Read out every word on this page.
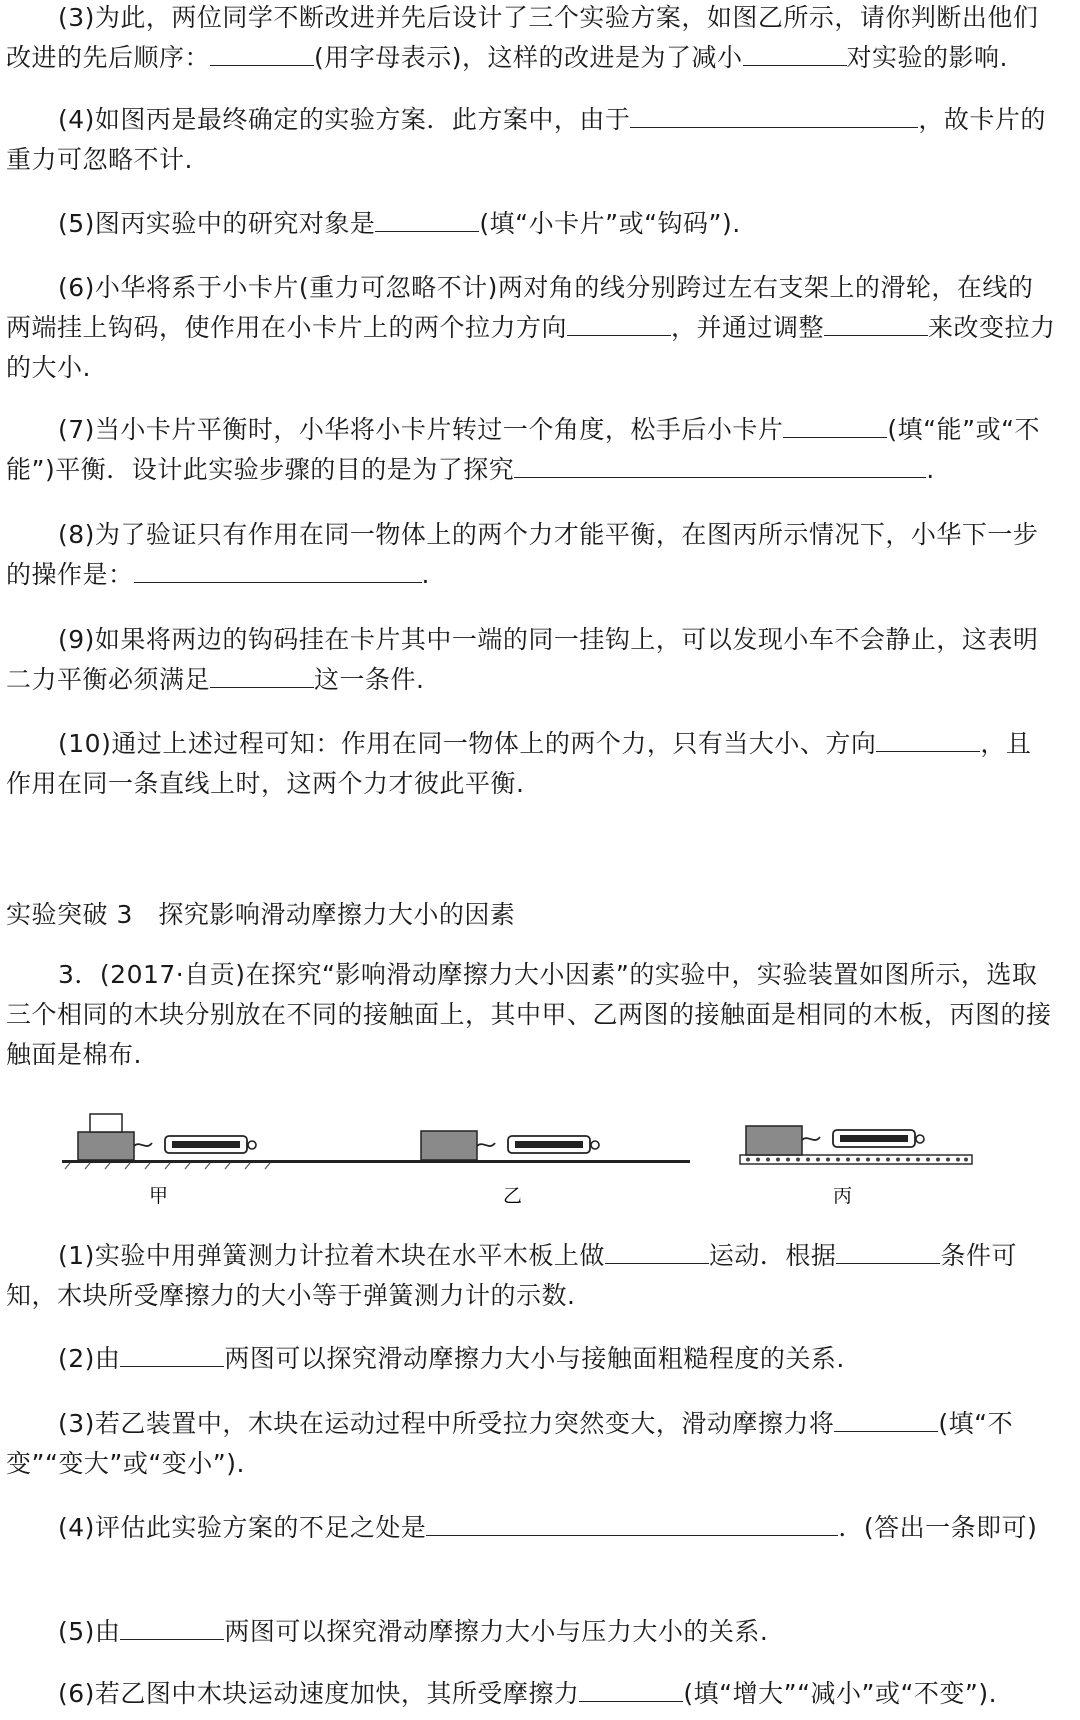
(3)为此，两位同学不断改进并先后设计了三个实验方案，如图乙所示，请你判断出他们改进的先后顺序：	(用字母表示)，这样的改进是为了减小	对实验的影响.

(4)如图丙是最终确定的实验方案．此方案中，由于	，故卡片的重力可忽略不计.

(5)图丙实验中的研究对象是	(填“小卡片”或“钩码”).

(6)小华将系于小卡片(重力可忽略不计)两对角的线分别跨过左右支架上的滑轮，在线的两端挂上钩码，使作用在小卡片上的两个拉力方向	，并通过调整	来改变拉力的大小.

(7)当小卡片平衡时，小华将小卡片转过一个角度，松手后小卡片	(填“能”或“不能”)平衡．设计此实验步骤的目的是为了探究	.

(8)为了验证只有作用在同一物体上的两个力才能平衡，在图丙所示情况下，小华下一步的操作是：	.

(9)如果将两边的钩码挂在卡片其中一端的同一挂钩上，可以发现小车不会静止，这表明二力平衡必须满足	这一条件.

(10)通过上述过程可知：作用在同一物体上的两个力，只有当大小、方向	，且作用在同一条直线上时，这两个力才彼此平衡.

实验突破 3　探究影响滑动摩擦力大小的因素

3．(2017·自贡)在探究“影响滑动摩擦力大小因素”的实验中，实验装置如图所示，选取三个相同的木块分别放在不同的接触面上，其中甲、乙两图的接触面是相同的木板，丙图的接触面是棉布.

甲	乙	丙

(1)实验中用弹簧测力计拉着木块在水平木板上做	运动．根据	条件可知，木块所受摩擦力的大小等于弹簧测力计的示数.

(2)由	两图可以探究滑动摩擦力大小与接触面粗糙程度的关系.

(3)若乙装置中，木块在运动过程中所受拉力突然变大，滑动摩擦力将	(填“不变”“变大”或“变小”).

(4)评估此实验方案的不足之处是	．(答出一条即可)

(5)由	两图可以探究滑动摩擦力大小与压力大小的关系.

(6)若乙图中木块运动速度加快，其所受摩擦力	(填“增大”“减小”或“不变”).
